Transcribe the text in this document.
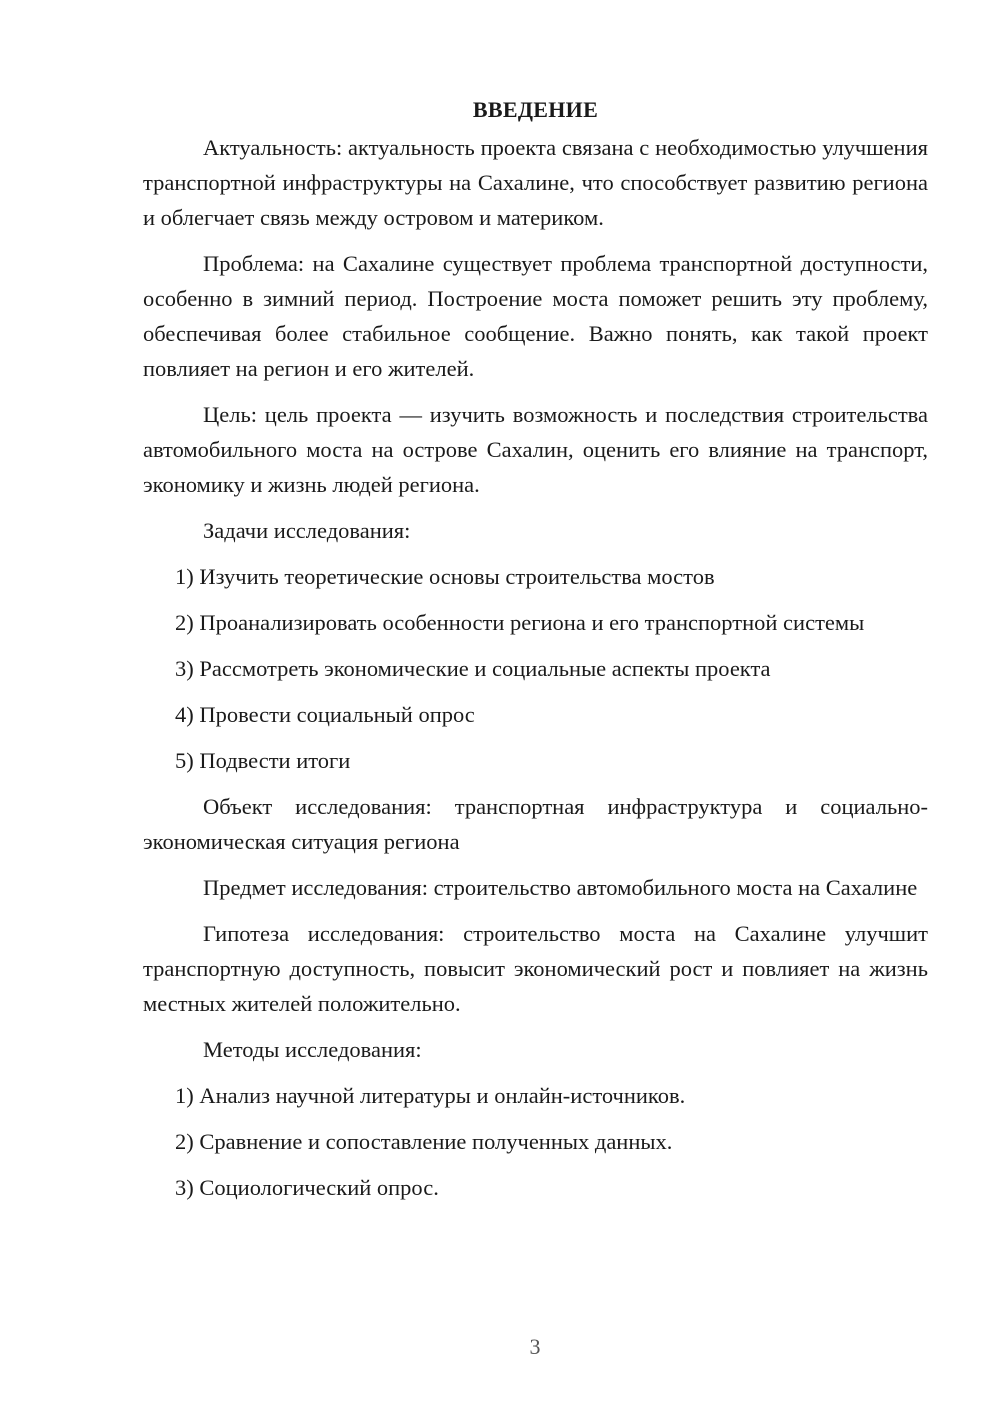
ВВЕДЕНИЕ

Актуальность: актуальность проекта связана с необходимостью улучшения транспортной инфраструктуры на Сахалине, что способствует развитию региона и облегчает связь между островом и материком.

Проблема: на Сахалине существует проблема транспортной доступности, особенно в зимний период. Построение моста поможет решить эту проблему, обеспечивая более стабильное сообщение. Важно понять, как такой проект повлияет на регион и его жителей.

Цель: цель проекта — изучить возможность и последствия строительства автомобильного моста на острове Сахалин, оценить его влияние на транспорт, экономику и жизнь людей региона.

Задачи исследования:

1) Изучить теоретические основы строительства мостов

2) Проанализировать особенности региона и его транспортной системы

3) Рассмотреть экономические и социальные аспекты проекта

4) Провести социальный опрос

5) Подвести итоги

Объект исследования: транспортная инфраструктура и социально-экономическая ситуация региона

Предмет исследования: строительство автомобильного моста на Сахалине

Гипотеза исследования: строительство моста на Сахалине улучшит транспортную доступность, повысит экономический рост и повлияет на жизнь местных жителей положительно.

Методы исследования:

1) Анализ научной литературы и онлайн-источников.

2) Сравнение и сопоставление полученных данных.

3) Социологический опрос.

3
